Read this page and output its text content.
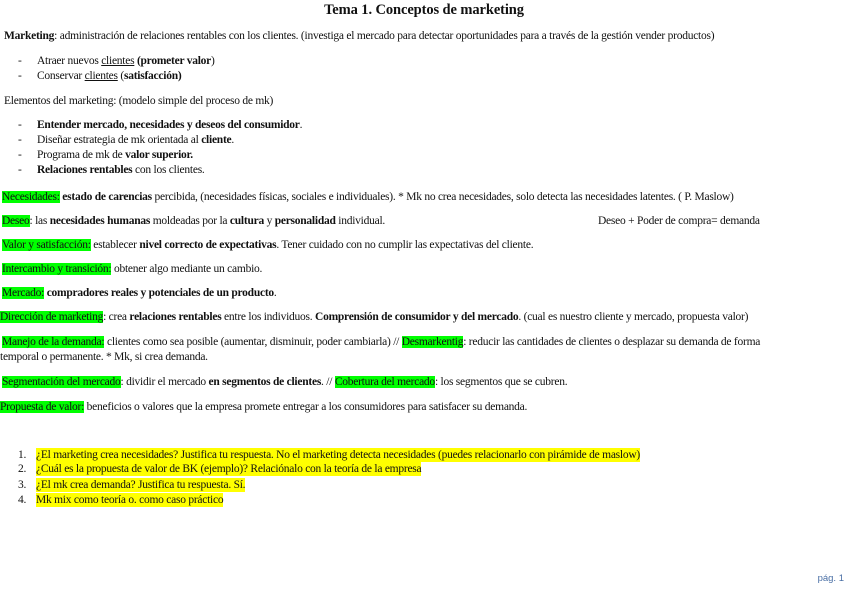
Tema 1. Conceptos de marketing
Marketing: administración de relaciones rentables con los clientes. (investiga el mercado para detectar oportunidades para a través de la gestión vender productos)
- Atraer nuevos clientes (prometer valor)
- Conservar clientes (satisfacción)
Elementos del marketing: (modelo simple del proceso de mk)
- Entender mercado, necesidades y deseos del consumidor.
- Diseñar estrategia de mk orientada al cliente.
- Programa de mk de valor superior.
- Relaciones rentables con los clientes.
Necesidades: estado de carencias percibida, (necesidades físicas, sociales e individuales). * Mk no crea necesidades, solo detecta las necesidades latentes. ( P. Maslow)
Deseo: las necesidades humanas moldeadas por la cultura y personalidad individual.	Deseo + Poder de compra= demanda
Valor y satisfacción: establecer nivel correcto de expectativas. Tener cuidado con no cumplir las expectativas del cliente.
Intercambio y transición: obtener algo mediante un cambio.
Mercado: compradores reales y potenciales de un producto.
Dirección de marketing: crea relaciones rentables entre los individuos. Comprensión de consumidor y del mercado. (cual es nuestro cliente y mercado, propuesta valor)
Manejo de la demanda: clientes como sea posible (aumentar, disminuir, poder cambiarla) // Desmarkentig: reducir las cantidades de clientes o desplazar su demanda de forma
temporal o permanente. * Mk, si crea demanda.
Segmentación del mercado: dividir el mercado en segmentos de clientes. // Cobertura del mercado: los segmentos que se cubren.
Propuesta de valor: beneficios o valores que la empresa promete entregar a los consumidores para satisfacer su demanda.
1. ¿El marketing crea necesidades? Justifica tu respuesta. No el marketing detecta necesidades (puedes relacionarlo con pirámide de maslow)
2. ¿Cuál es la propuesta de valor de BK (ejemplo)? Relaciónalo con la teoría de la empresa
3. ¿El mk crea demanda? Justifica tu respuesta. Sí.
4. Mk mix como teoría o. como caso práctico
pág. 1
